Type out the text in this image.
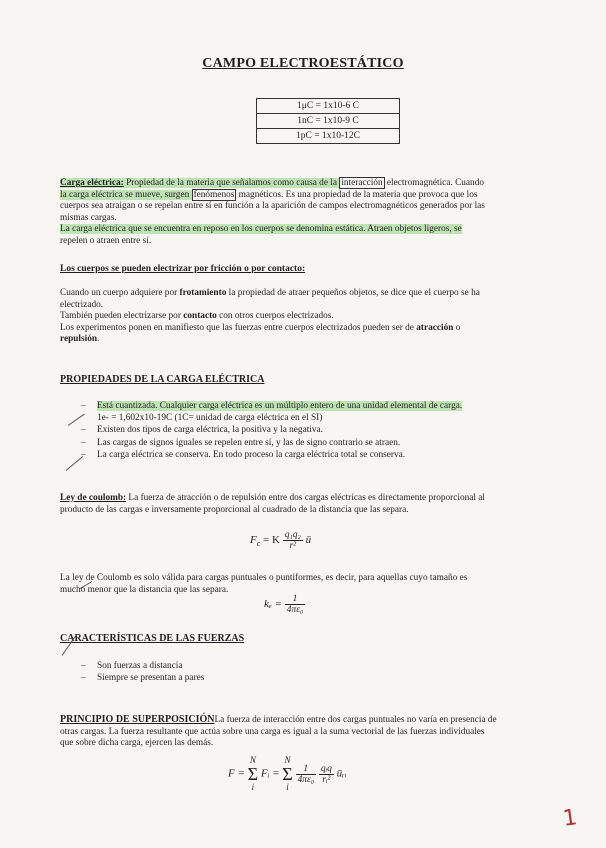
CAMPO ELECTROESTÁTICO
1μC = 1x10-6 C
1nC = 1x10-9 C
1pC = 1x10-12C
Carga eléctrica: Propiedad de la materia que señalamos como causa de la interacción electromagnética. Cuando
la carga eléctrica se mueve, surgen fenómenos magnéticos. Es una propiedad de la materia que provoca que los
cuerpos sea atraigan o se repelan entre sí en función a la aparición de campos electromagnéticos generados por las
mismas cargas.
La carga eléctrica que se encuentra en reposo en los cuerpos se denomina estática. Atraen objetos ligeros, se
repelen o atraen entre sí.
Los cuerpos se pueden electrizar por fricción o por contacto:
Cuando un cuerpo adquiere por frotamiento la propiedad de atraer pequeños objetos, se dice que el cuerpo se ha
electrizado.
También pueden electrizarse por contacto con otros cuerpos electrizados.
Los experimentos ponen en manifiesto que las fuerzas entre cuerpos electrizados pueden ser de atracción o
repulsión.
PROPIEDADES DE LA CARGA ELÉCTRICA
– Está cuantizada. Cualquier carga eléctrica es un múltiplo entero de una unidad elemental de carga.
1e- = 1,602x10-19C (1C= unidad de carga eléctrica en el SI)
– Existen dos tipos de carga eléctrica, la positiva y la negativa.
– Las cargas de signos iguales se repelen entre sí, y las de signo contrario se atraen.
– La carga eléctrica se conserva. En todo proceso la carga eléctrica total se conserva.
Ley de coulomb: La fuerza de atracción o de repulsión entre dos cargas eléctricas es directamente proporcional al
producto de las cargas e inversamente proporcional al cuadrado de la distancia que las separa.
$F_c = K \frac{\text{q₁q₂}}{\text{r²}}$ ū
La ley de Coulomb es solo válida para cargas puntuales o puntiformes, es decir, para aquellas cuyo tamaño es
mucho menor que la distancia que las separa.
$k_e = \frac{1}{\text{4πε₀}}$
CARACTERÍSTICAS DE LAS FUERZAS
– Son fuerzas a distancia
– Siempre se presentan a pares
PRINCIPIO DE SUPERPOSICIÓNLa fuerza de interacción entre dos cargas puntuales no varía en presencia de
otras cargas. La fuerza resultante que actúa sobre una carga es igual a la suma vectorial de las fuerzas individuales
que sobre dicha carga, ejercen las demás.
F = N
Σ
i Fᵢ = N
Σ
i
$\frac{1}{\text{4πε₀}}$
$\frac{\text{qᵢq}}{\text{rᵢ²}}$ ūᵣᵢ
1
